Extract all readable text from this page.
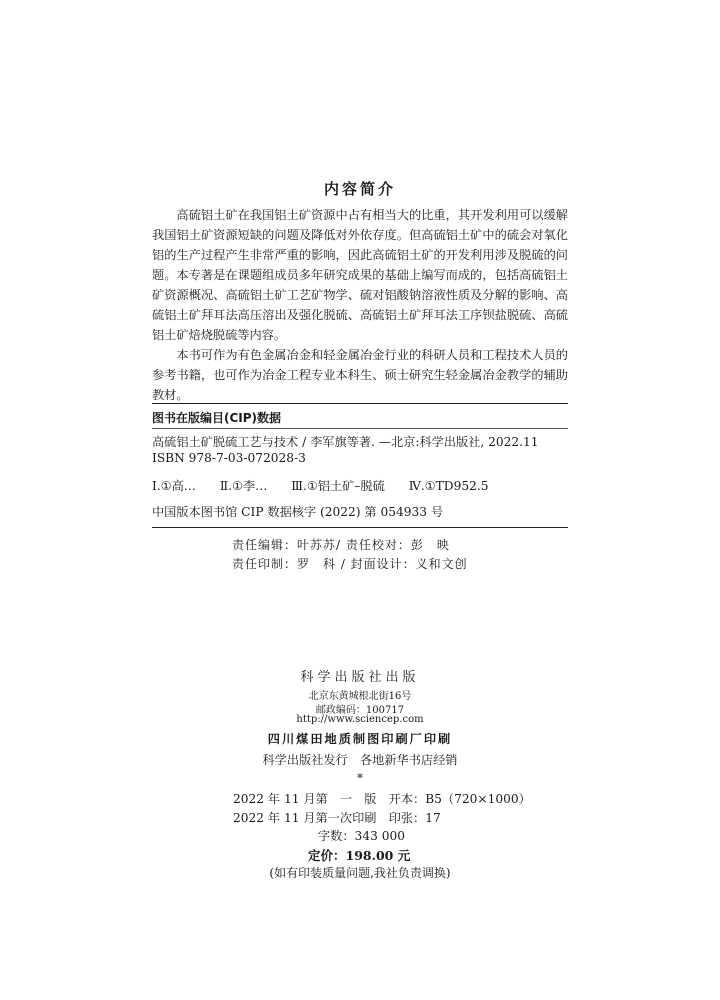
内容简介

高硫铝土矿在我国铝土矿资源中占有相当大的比重，其开发利用可以缓解我国铝土矿资源短缺的问题及降低对外依存度。但高硫铝土矿中的硫会对氧化铝的生产过程产生非常严重的影响，因此高硫铝土矿的开发利用涉及脱硫的问题。本专著是在课题组成员多年研究成果的基础上编写而成的，包括高硫铝土矿资源概况、高硫铝土矿工艺矿物学、硫对铝酸钠溶液性质及分解的影响、高硫铝土矿拜耳法高压溶出及强化脱硫、高硫铝土矿拜耳法工序钡盐脱硫、高硫铝土矿焙烧脱硫等内容。

本书可作为有色金属冶金和轻金属冶金行业的科研人员和工程技术人员的参考书籍，也可作为冶金工程专业本科生、硕士研究生轻金属冶金教学的辅助教材。

图书在版编目(CIP)数据
高硫铝土矿脱硫工艺与技术 / 李军旗等著. —北京:科学出版社, 2022.11
ISBN 978-7-03-072028-3
Ⅰ.①高… Ⅱ.①李… Ⅲ.①铝土矿–脱硫 Ⅳ.①TD952.5
中国版本图书馆 CIP 数据核字 (2022) 第 054933 号
责任编辑：叶苏苏/ 责任校对：彭　映
责任印制：罗　科 / 封面设计：义和文创
科学出版社出版
北京东黄城根北街16号
邮政编码：100717
http://www.sciencep.com
四川煤田地质制图印刷厂印刷
科学出版社发行　各地新华书店经销
*
2022 年 11 月第　一　版　开本：B5（720×1000）
2022 年 11 月第一次印刷　印张：17
字数：343 000
定价：198.00 元
(如有印装质量问题,我社负责调换)
